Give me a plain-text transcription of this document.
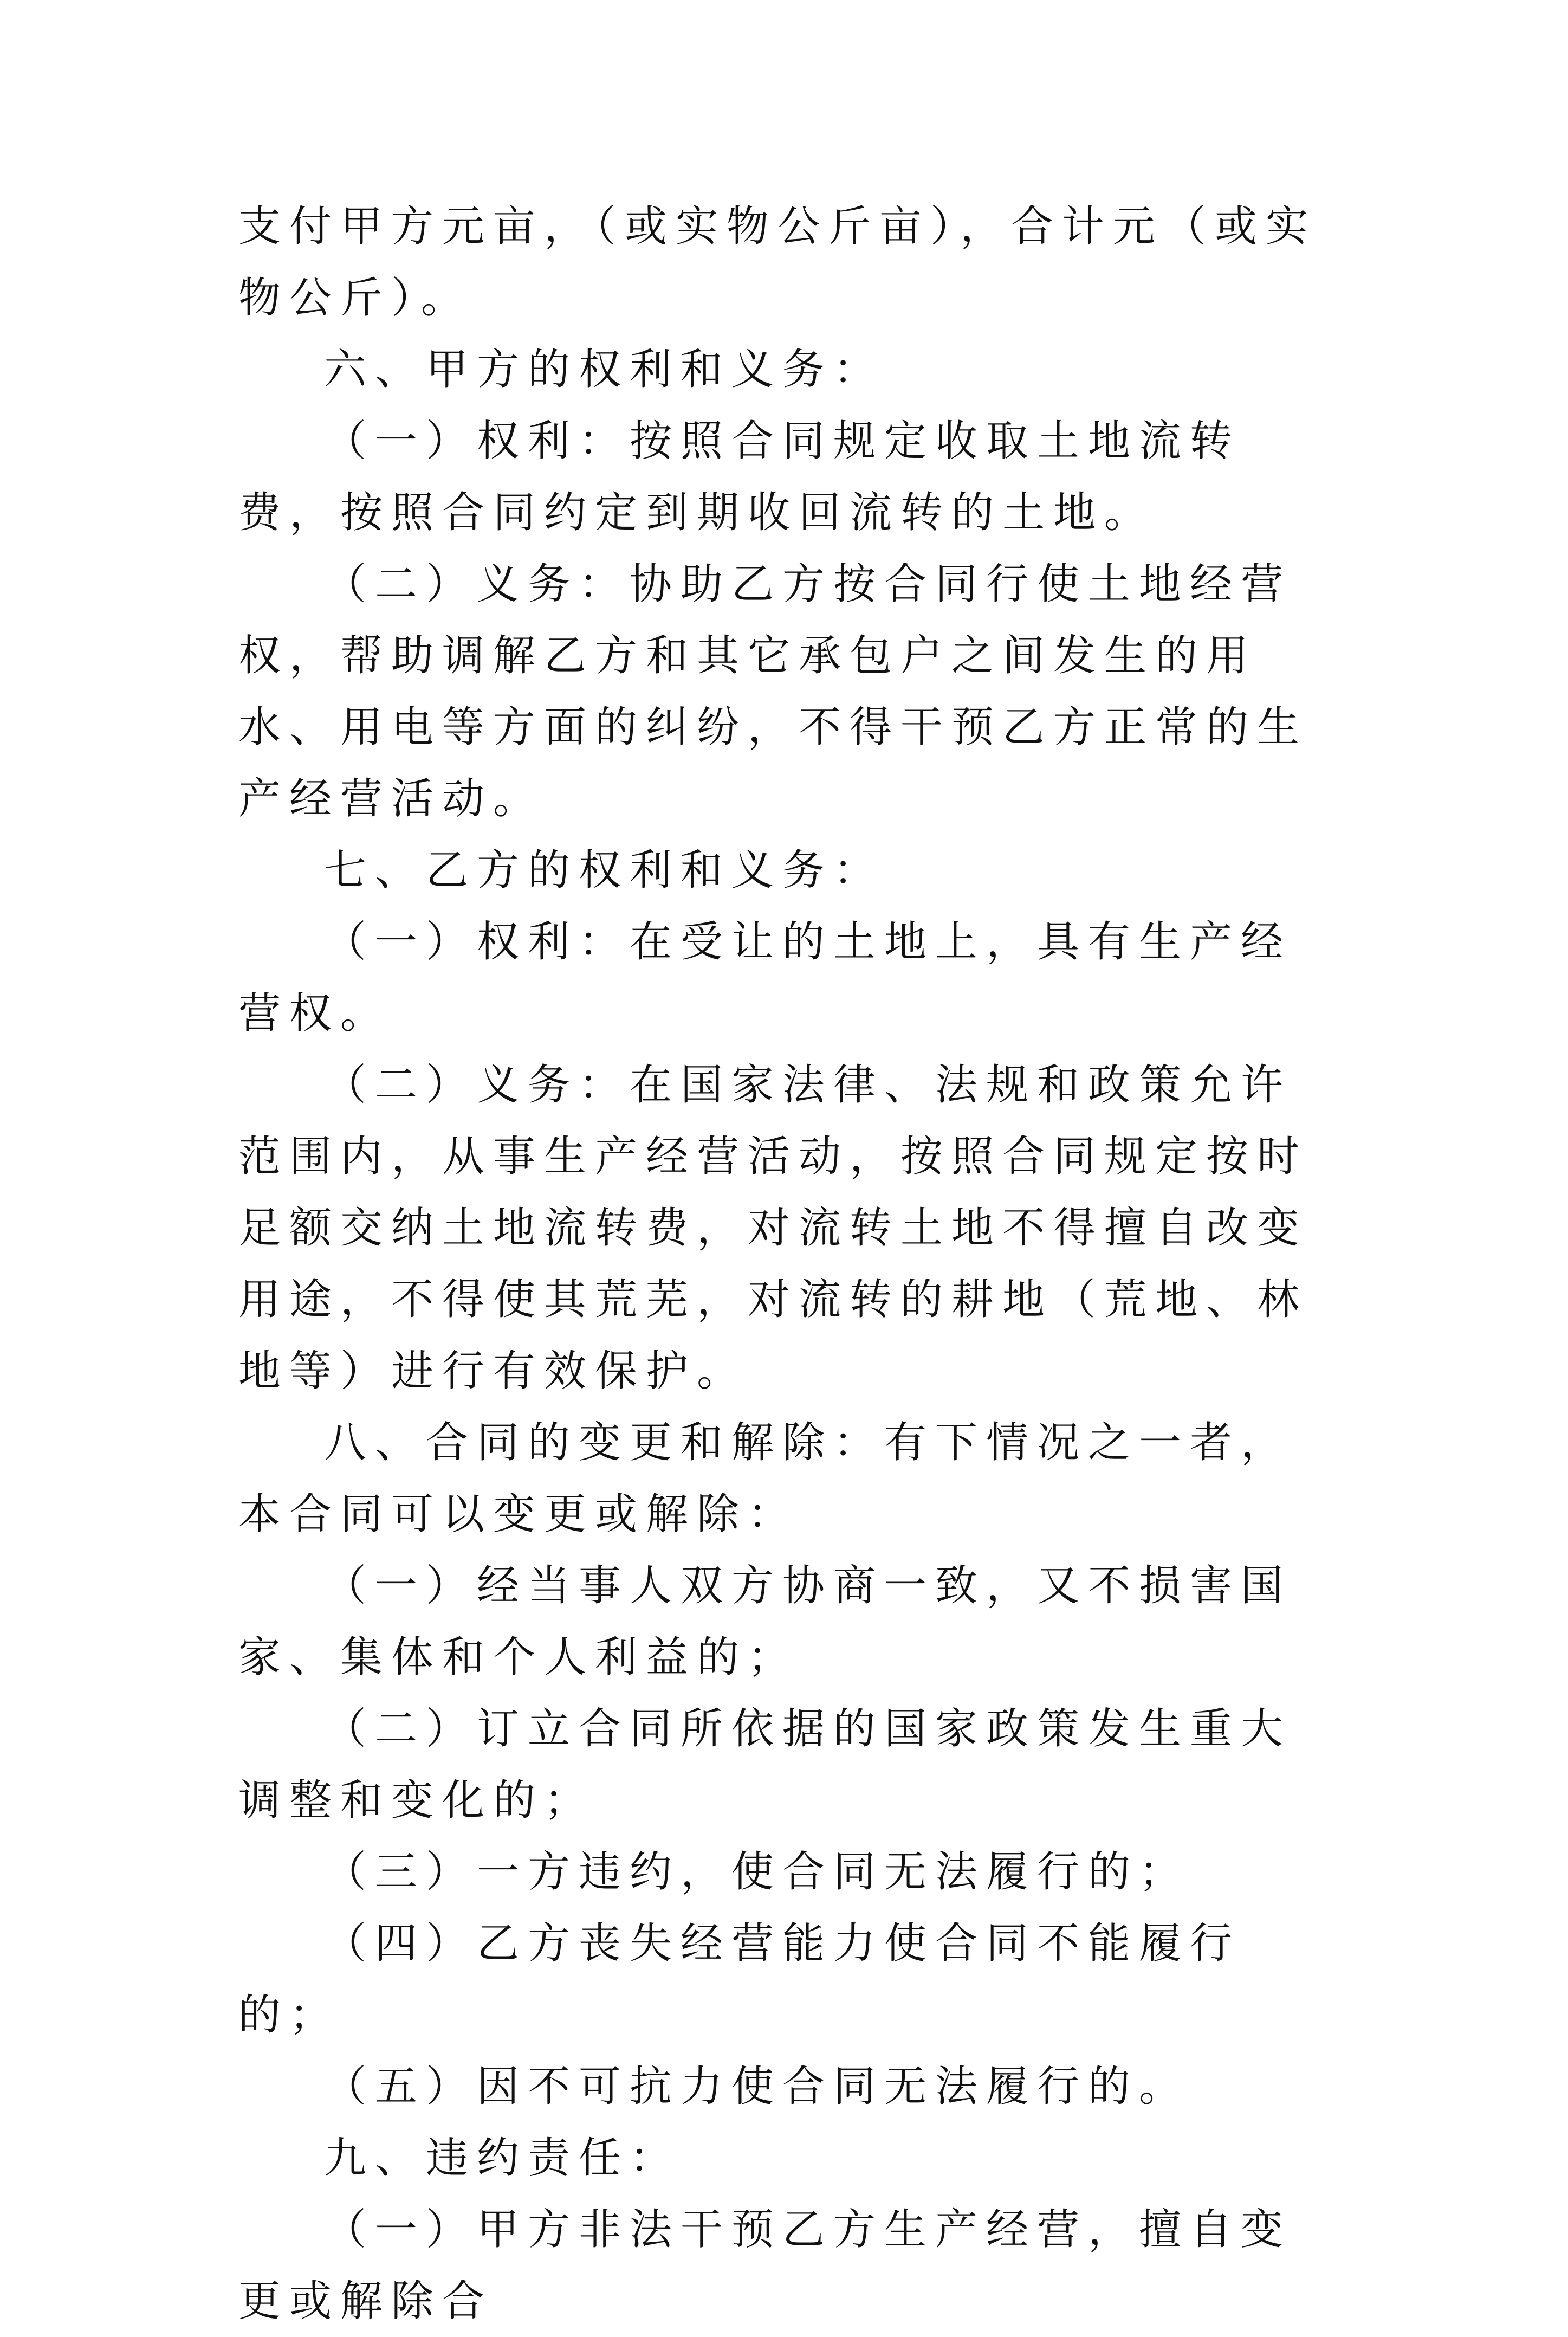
支付甲方元亩，（或实物公斤亩），合计元（或实物公斤）。

六、甲方的权利和义务：

（一）权利：按照合同规定收取土地流转费，按照合同约定到期收回流转的土地。

（二）义务：协助乙方按合同行使土地经营权，帮助调解乙方和其它承包户之间发生的用水、用电等方面的纠纷，不得干预乙方正常的生产经营活动。

七、乙方的权利和义务：

（一）权利：在受让的土地上，具有生产经营权。

（二）义务：在国家法律、法规和政策允许范围内，从事生产经营活动，按照合同规定按时足额交纳土地流转费，对流转土地不得擅自改变用途，不得使其荒芜，对流转的耕地（荒地、林地等）进行有效保护。

八、合同的变更和解除：有下情况之一者，本合同可以变更或解除：

（一）经当事人双方协商一致，又不损害国家、集体和个人利益的；

（二）订立合同所依据的国家政策发生重大调整和变化的；

（三）一方违约，使合同无法履行的；

（四）乙方丧失经营能力使合同不能履行的；

（五）因不可抗力使合同无法履行的。

九、违约责任：

（一）甲方非法干预乙方生产经营，擅自变更或解除合
